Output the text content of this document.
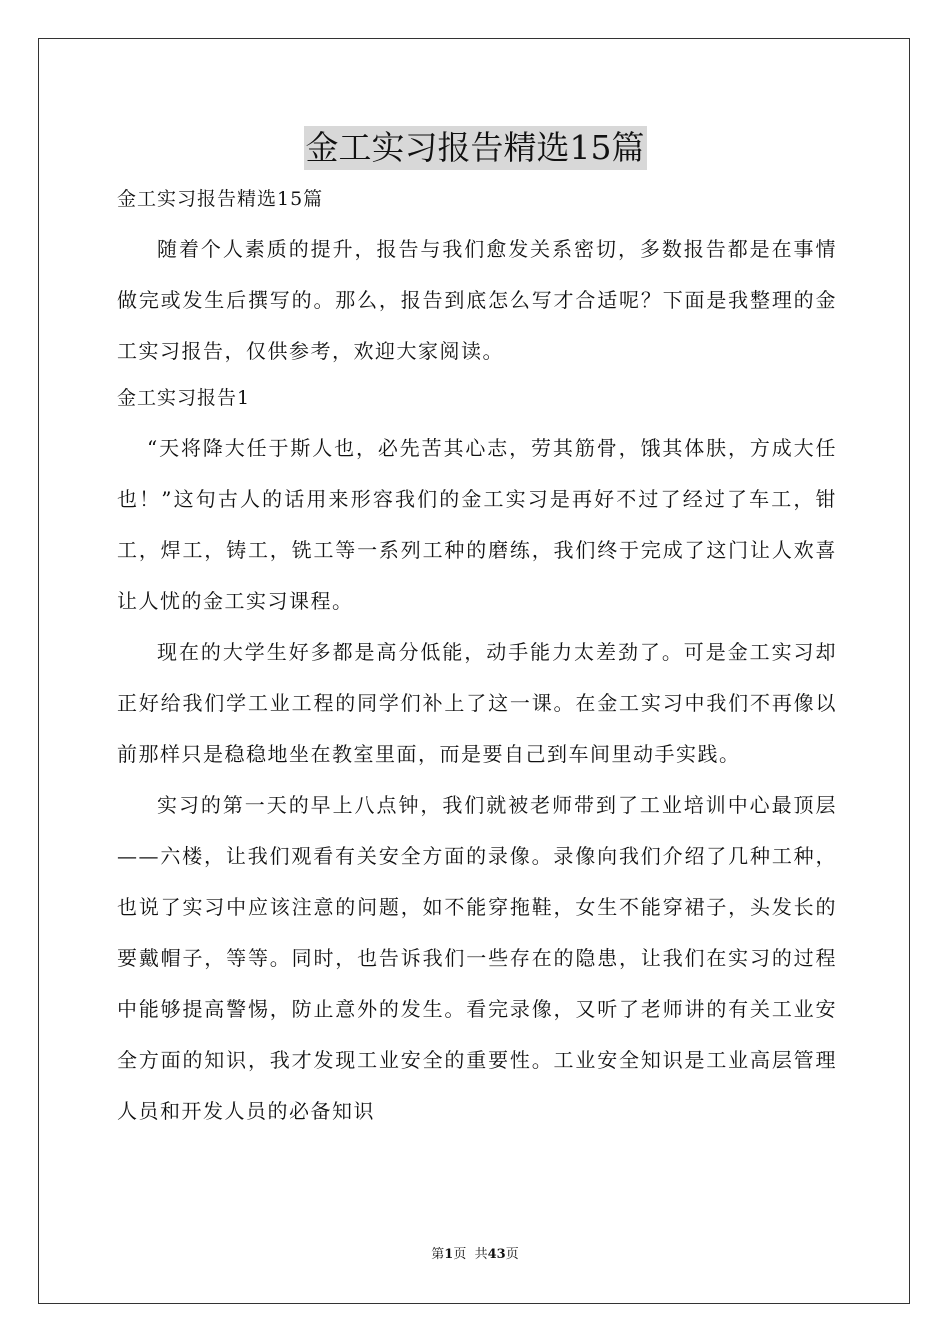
金工实习报告精选15篇

金工实习报告精选15篇

随着个人素质的提升，报告与我们愈发关系密切，多数报告都是在事情做完或发生后撰写的。那么，报告到底怎么写才合适呢？下面是我整理的金工实习报告，仅供参考，欢迎大家阅读。

金工实习报告1

“天将降大任于斯人也，必先苦其心志，劳其筋骨，饿其体肤，方成大任也！”这句古人的话用来形容我们的金工实习是再好不过了经过了车工，钳工，焊工，铸工，铣工等一系列工种的磨练，我们终于完成了这门让人欢喜让人忧的金工实习课程。

现在的大学生好多都是高分低能，动手能力太差劲了。可是金工实习却正好给我们学工业工程的同学们补上了这一课。在金工实习中我们不再像以前那样只是稳稳地坐在教室里面，而是要自己到车间里动手实践。

实习的第一天的早上八点钟，我们就被老师带到了工业培训中心最顶层——六楼，让我们观看有关安全方面的录像。录像向我们介绍了几种工种，也说了实习中应该注意的问题，如不能穿拖鞋，女生不能穿裙子，头发长的要戴帽子，等等。同时，也告诉我们一些存在的隐患，让我们在实习的过程中能够提高警惕，防止意外的发生。看完录像，又听了老师讲的有关工业安全方面的知识，我才发现工业安全的重要性。工业安全知识是工业高层管理人员和开发人员的必备知识

第1页  共43页
